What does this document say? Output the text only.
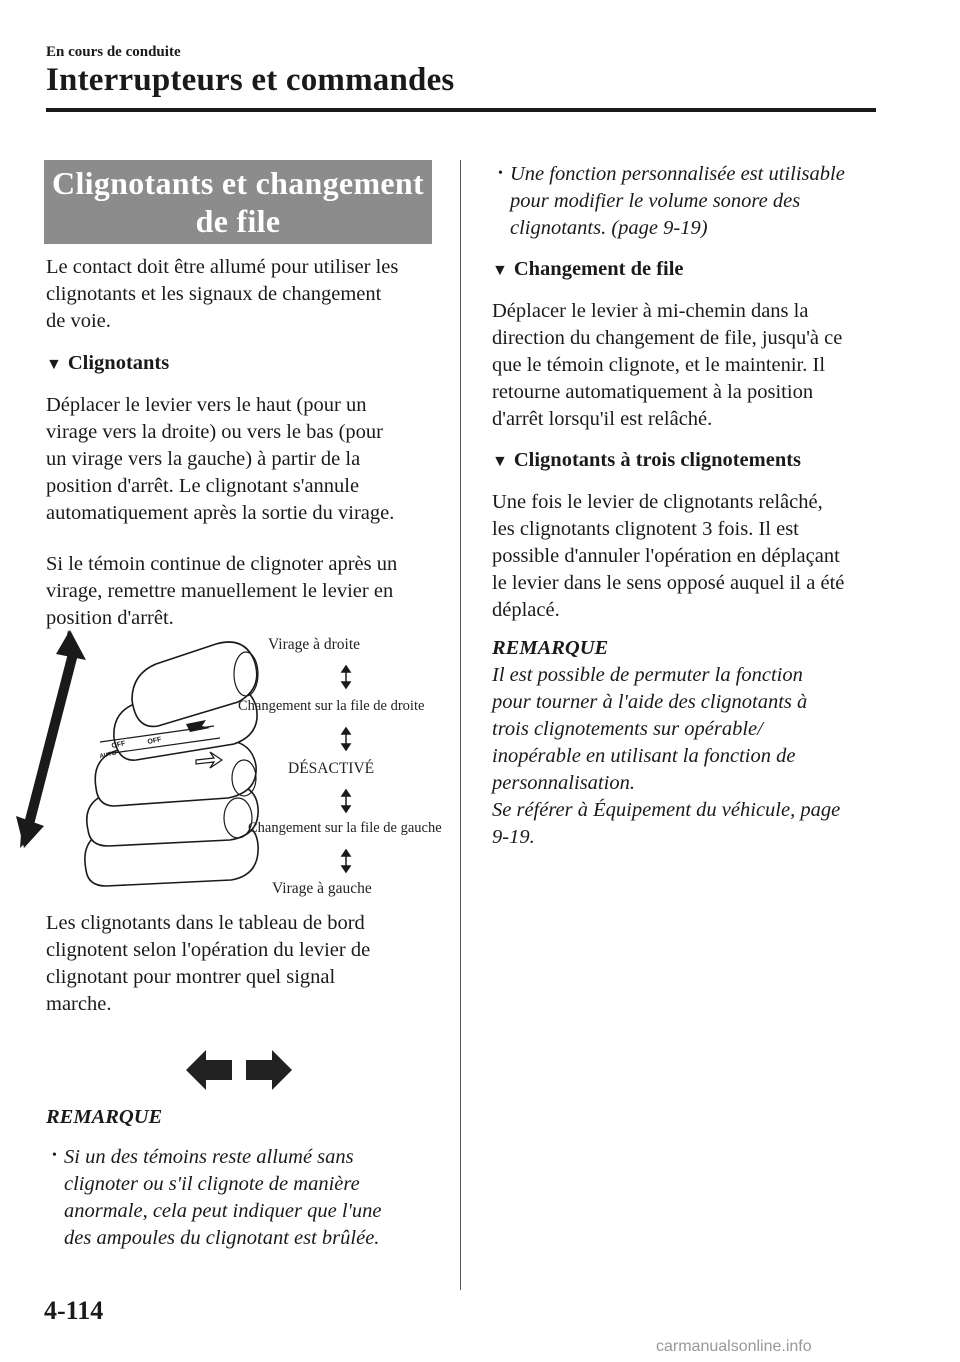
En cours de conduite
Interrupteurs et commandes
Clignotants et changement
de file
Le contact doit être allumé pour utiliser les
clignotants et les signaux de changement
de voie.
▼ Clignotants
Déplacer le levier vers le haut (pour un
virage vers la droite) ou vers le bas (pour
un virage vers la gauche) à partir de la
position d'arrêt. Le clignotant s'annule
automatiquement après la sortie du virage.
Si le témoin continue de clignoter après un
virage, remettre manuellement le levier en
position d'arrêt.
OFF	OFF
AUTO
Virage à droite
Changement sur la file de droite
DÉSACTIVÉ
Changement sur la file de gauche
Virage à gauche
Les clignotants dans le tableau de bord
clignotent selon l'opération du levier de
clignotant pour montrer quel signal
marche.
REMARQUE
• Si un des témoins reste allumé sans
clignoter ou s'il clignote de manière
anormale, cela peut indiquer que l'une
des ampoules du clignotant est brûlée.
• Une fonction personnalisée est utilisable
pour modifier le volume sonore des
clignotants. (page 9-19)
▼ Changement de file
Déplacer le levier à mi-chemin dans la
direction du changement de file, jusqu'à ce
que le témoin clignote, et le maintenir. Il
retourne automatiquement à la position
d'arrêt lorsqu'il est relâché.
▼ Clignotants à trois clignotements
Une fois le levier de clignotants relâché,
les clignotants clignotent 3 fois. Il est
possible d'annuler l'opération en déplaçant
le levier dans le sens opposé auquel il a été
déplacé.
REMARQUE
Il est possible de permuter la fonction
pour tourner à l'aide des clignotants à
trois clignotements sur opérable/
inopérable en utilisant la fonction de
personnalisation.
Se référer à Équipement du véhicule, page
9-19.
4-114
carmanualsonline.info
